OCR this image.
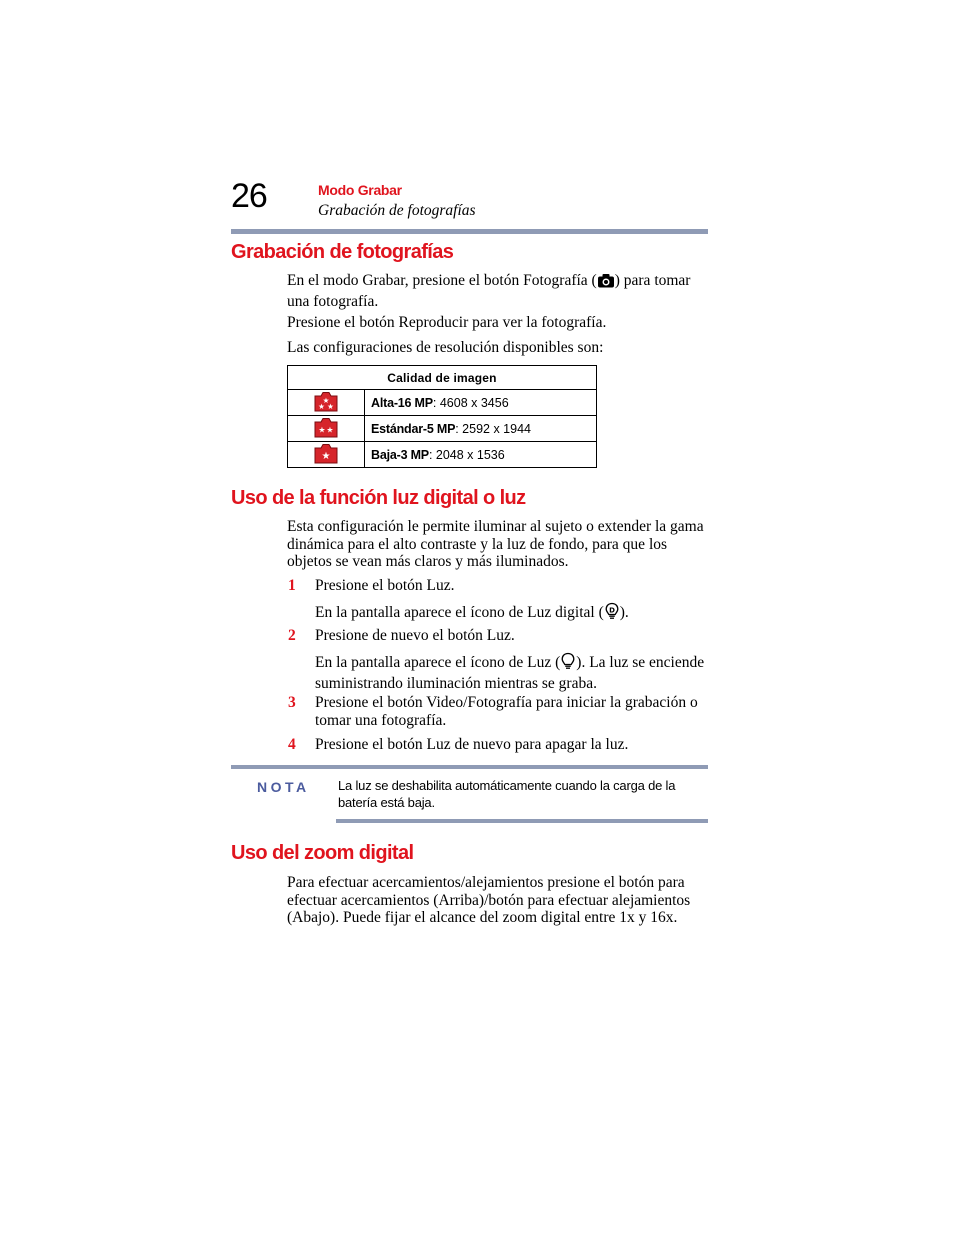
26	Modo Grabar
Grabación de fotografías
Grabación de fotografías
En el modo Grabar, presione el botón Fotografía ( ) para tomar una fotografía.
Presione el botón Reproducir para ver la fotografía.
Las configuraciones de resolución disponibles son:
Calidad de imagen	

★
★ ★	Alta-16 MP: 4608 x 3456

★ ★	Estándar-5 MP: 2592 x 1944

★	Baja-3 MP: 2048 x 1536
Uso de la función luz digital o luz
Esta configuración le permite iluminar al sujeto o extender la gama dinámica para el alto contraste y la luz de fondo, para que los objetos se vean más claros y más iluminados.
1 Presione el botón Luz.
En la pantalla aparece el ícono de Luz digital ( D ).
2 Presione de nuevo el botón Luz.
En la pantalla aparece el ícono de Luz ( ). La luz se enciende suministrando iluminación mientras se graba.
3 Presione el botón Video/Fotografía para iniciar la grabación o tomar una fotografía.
4 Presione el botón Luz de nuevo para apagar la luz.
NOTA La luz se deshabilita automáticamente cuando la carga de la batería está baja.
Uso del zoom digital
Para efectuar acercamientos/alejamientos presione el botón para efectuar acercamientos (Arriba)/botón para efectuar alejamientos (Abajo). Puede fijar el alcance del zoom digital entre 1x y 16x.
